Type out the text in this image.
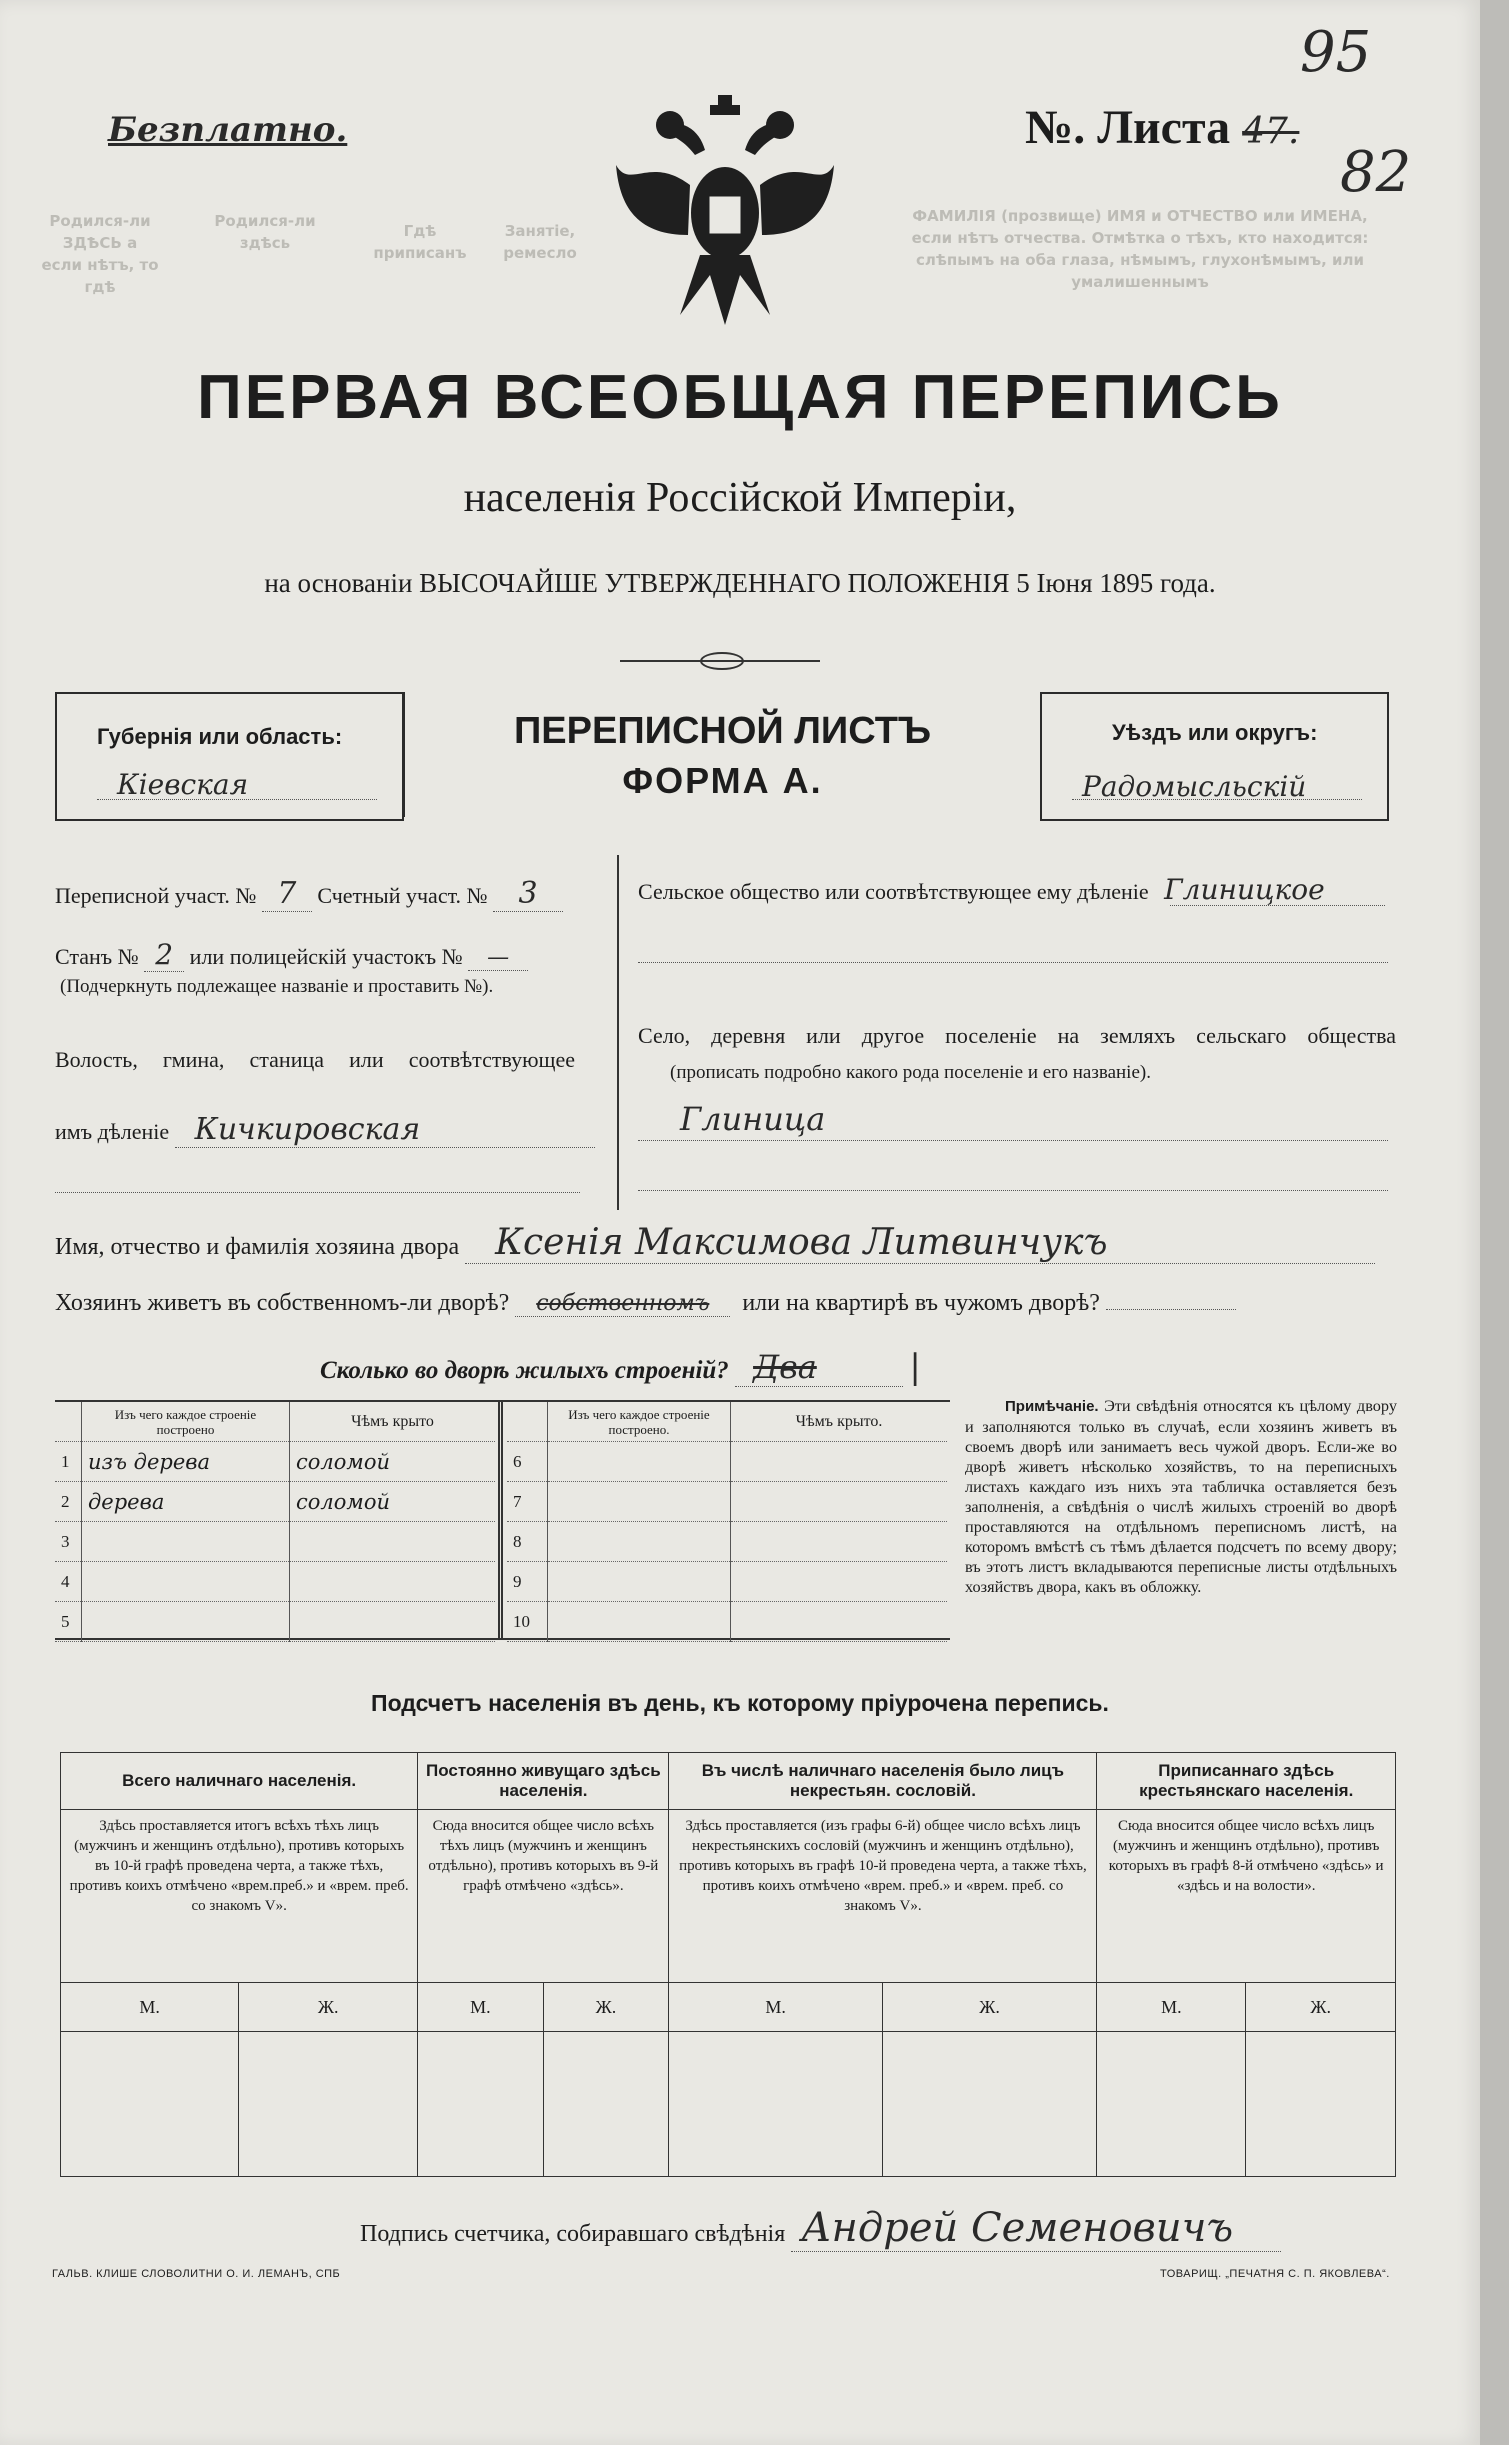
Родился-ли ЗДѢСЬ а если нѣтъ, то гдѣ
Родился-ли здѣсь
Гдѣ приписанъ
Занятіе, ремесло
ФАМИЛІЯ (прозвище) ИМЯ и ОТЧЕСТВО или ИМЕНА, если нѣтъ отчества. Отмѣтка о тѣхъ, кто находится: слѣпымъ на оба глаза, нѣмымъ, глухонѣмымъ, или умалишеннымъ
Безплатно.	№. Листа 47.
95
82
ПЕРВАЯ ВСЕОБЩАЯ ПЕРЕПИСЬ
населенія Россійской Имперіи,
на основаніи ВЫСОЧАЙШЕ УТВЕРЖДЕННАГО ПОЛОЖЕНІЯ 5 Іюня 1895 года.
Губернія или область:
Кіевская
ПЕРЕПИСНОЙ ЛИСТЪ
ФОРМА А.
Уѣздъ или округъ:
Радомысльскій
Переписной участ. № 7 Счетный участ. № 3
Станъ № 2 или полицейскій участокъ № —
(Подчеркнуть подлежащее названіе и проставить №).
Волость, гмина, станица или соотвѣтствующее
имъ дѣленіе Кичкировская
Сельское общество или соотвѣтствующее ему дѣленіе Глиницкое
Село, деревня или другое поселеніе на земляхъ сельскаго общества
(прописать подробно какого рода поселеніе и его названіе).
Глиница
Имя, отчество и фамилія хозяина двора Ксенія Максимова Литвинчукъ
Хозяинъ живетъ въ собственномъ-ли дворѣ? собственномъ или на квартирѣ въ чужомъ дворѣ?
Сколько во дворѣ жилыхъ строеній? Два	|
	Изъ чего каждое строеніе построено	Чѣмъ крыто
1	изъ дерева	соломой
2	дерева	соломой
3		
4		
5		
	Изъ чего каждое строеніе построено.	Чѣмъ крыто.
6		
7		
8		
9		
10		
Примѣчаніе. Эти свѣдѣнія относятся къ цѣлому двору и заполняются только въ случаѣ, если хозяинъ живетъ въ своемъ дворѣ или занимаетъ весь чужой дворъ. Если-же во дворѣ живетъ нѣсколько хозяйствъ, то на переписныхъ листахъ каждаго изъ нихъ эта табличка оставляется безъ заполненія, а свѣдѣнія о числѣ жилыхъ строеній во дворѣ проставляются на отдѣльномъ переписномъ листѣ, на которомъ вмѣстѣ съ тѣмъ дѣлается подсчетъ по всему двору; въ этотъ листъ вкладываются переписные листы отдѣльныхъ хозяйствъ двора, какъ въ обложку.
Подсчетъ населенія въ день, къ которому пріурочена перепись.
Всего наличнаго населенія.		Постоянно живущаго здѣсь населенія.		Въ числѣ наличнаго населенія было лицъ некрестьян. сословій.		Приписаннаго здѣсь крестьянскаго населенія.	
Здѣсь проставляется итогъ всѣхъ тѣхъ лицъ (мужчинъ и женщинъ отдѣльно), противъ которыхъ въ 10-й графѣ проведена черта, а также тѣхъ, противъ коихъ отмѣчено «врем.преб.» и «врем. преб. со знакомъ V».		Сюда вносится общее число всѣхъ тѣхъ лицъ (мужчинъ и женщинъ отдѣльно), противъ которыхъ въ 9-й графѣ отмѣчено «здѣсь».		Здѣсь проставляется (изъ графы 6-й) общее число всѣхъ лицъ некрестьянскихъ сословій (мужчинъ и женщинъ отдѣльно), противъ которыхъ въ графѣ 10-й проведена черта, а также тѣхъ, противъ коихъ отмѣчено «врем. преб.» и «врем. преб. со знакомъ V».		Сюда вносится общее число всѣхъ лицъ (мужчинъ и женщинъ отдѣльно), противъ которыхъ въ графѣ 8-й отмѣчено «здѣсь» и «здѣсь и на волости».	
М.	Ж.	М.	Ж.	М.	Ж.	М.	Ж.

Подпись счетчика, собиравшаго свѣдѣнія Андрей Семеновичъ
ГАЛЬВ. КЛИШЕ СЛОВОЛИТНИ О. И. ЛЕМАНЪ, СПБ	ТОВАРИЩ. „ПЕЧАТНЯ С. П. ЯКОВЛЕВА“.
